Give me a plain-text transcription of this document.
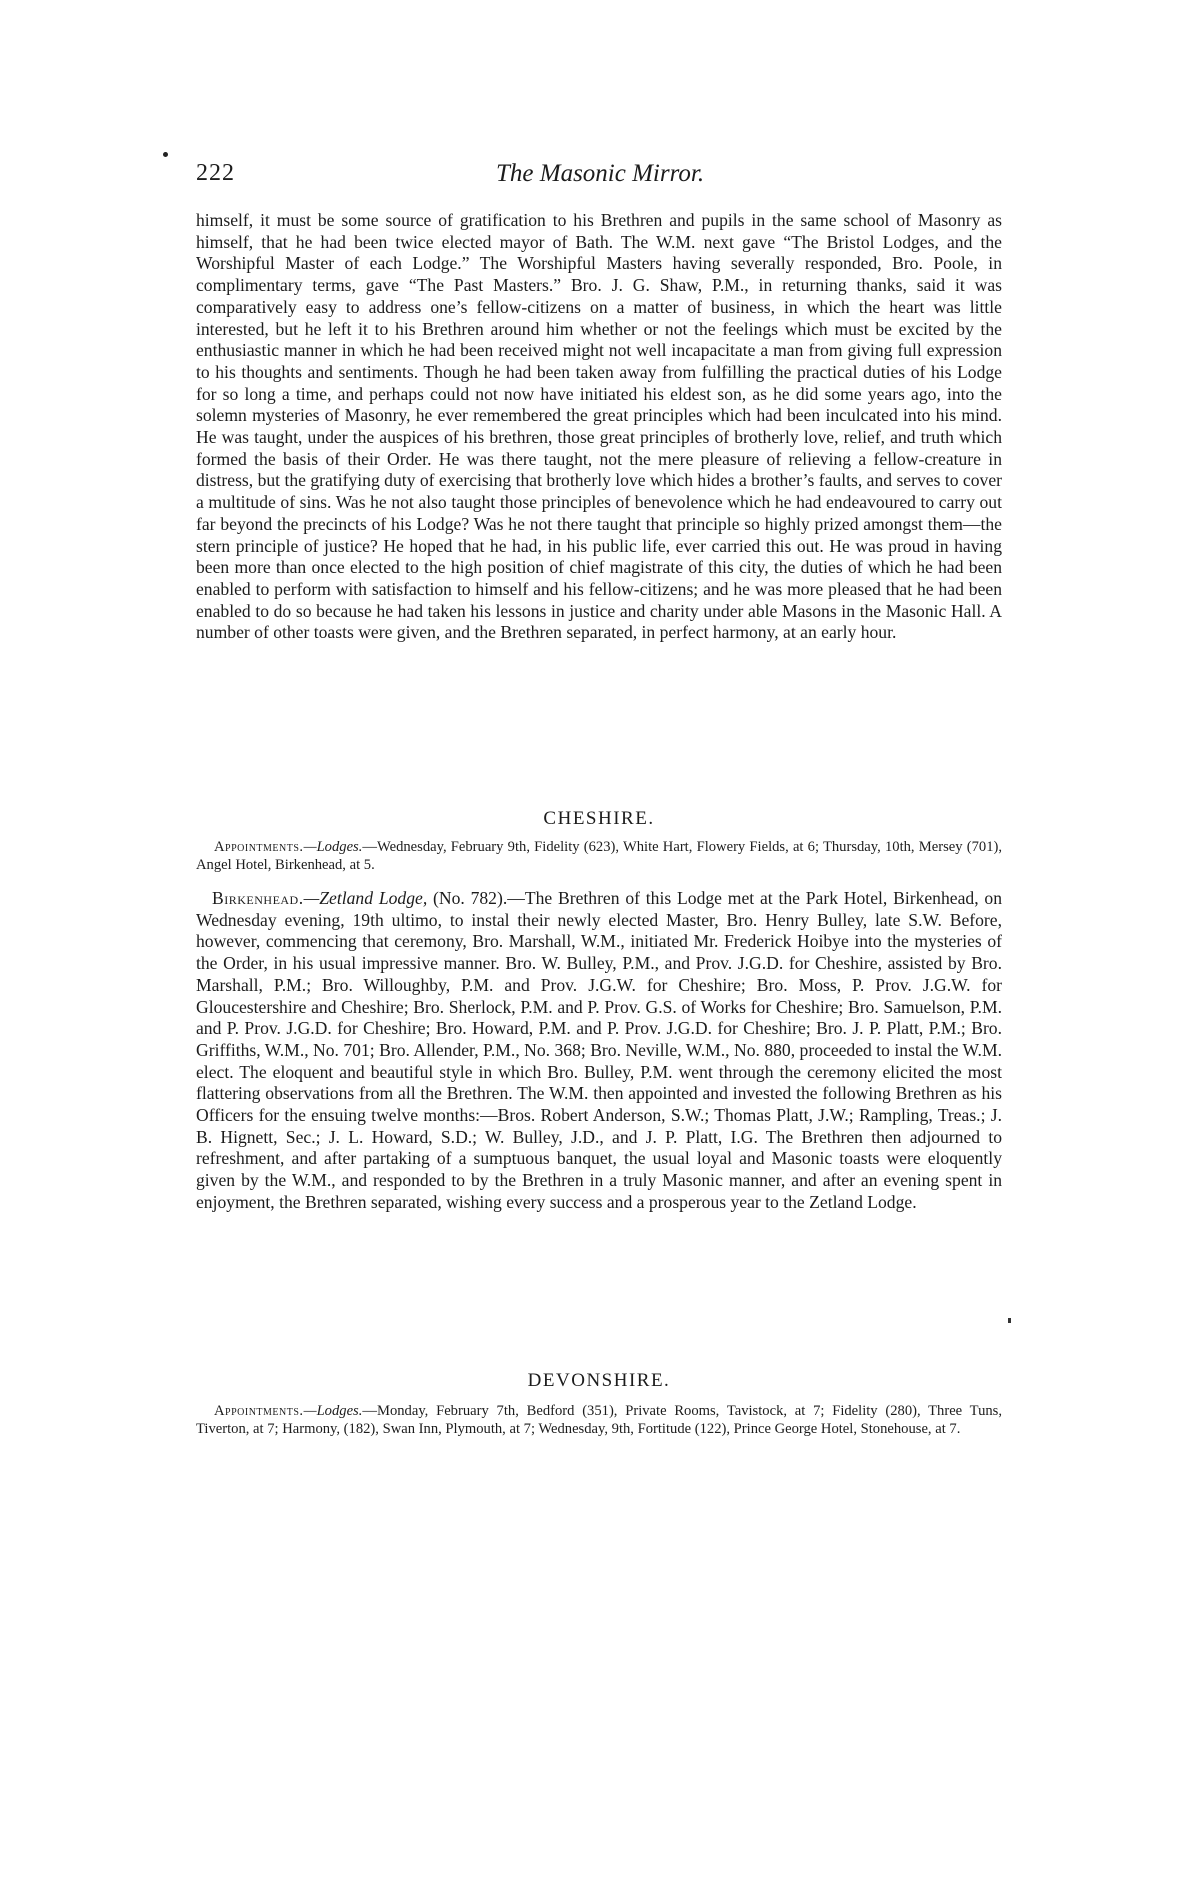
222	The Masonic Mirror.

himself, it must be some source of gratification to his Brethren and pupils in the same school of Masonry as himself, that he had been twice elected mayor of Bath. The W.M. next gave “The Bristol Lodges, and the Worshipful Master of each Lodge.” The Worshipful Masters having severally responded, Bro. Poole, in complimentary terms, gave “The Past Masters.” Bro. J. G. Shaw, P.M., in returning thanks, said it was comparatively easy to address one’s fellow-citizens on a matter of business, in which the heart was little interested, but he left it to his Brethren around him whether or not the feelings which must be excited by the enthusiastic manner in which he had been received might not well incapacitate a man from giving full expression to his thoughts and sentiments. Though he had been taken away from fulfilling the practical duties of his Lodge for so long a time, and perhaps could not now have initiated his eldest son, as he did some years ago, into the solemn mysteries of Masonry, he ever remembered the great principles which had been inculcated into his mind. He was taught, under the auspices of his brethren, those great principles of brotherly love, relief, and truth which formed the basis of their Order. He was there taught, not the mere pleasure of relieving a fellow-creature in distress, but the gratifying duty of exercising that brotherly love which hides a brother’s faults, and serves to cover a multitude of sins. Was he not also taught those principles of benevolence which he had endeavoured to carry out far beyond the precincts of his Lodge? Was he not there taught that principle so highly prized amongst them—the stern principle of justice? He hoped that he had, in his public life, ever carried this out. He was proud in having been more than once elected to the high position of chief magistrate of this city, the duties of which he had been enabled to perform with satisfaction to himself and his fellow-citizens; and he was more pleased that he had been enabled to do so because he had taken his lessons in justice and charity under able Masons in the Masonic Hall. A number of other toasts were given, and the Brethren separated, in perfect harmony, at an early hour.

CHESHIRE.

Appointments.—Lodges.—Wednesday, February 9th, Fidelity (623), White Hart, Flowery Fields, at 6; Thursday, 10th, Mersey (701), Angel Hotel, Birkenhead, at 5.

Birkenhead.—Zetland Lodge, (No. 782).—The Brethren of this Lodge met at the Park Hotel, Birkenhead, on Wednesday evening, 19th ultimo, to instal their newly elected Master, Bro. Henry Bulley, late S.W. Before, however, commencing that ceremony, Bro. Marshall, W.M., initiated Mr. Frederick Hoibye into the mysteries of the Order, in his usual impressive manner. Bro. W. Bulley, P.M., and Prov. J.G.D. for Cheshire, assisted by Bro. Marshall, P.M.; Bro. Willoughby, P.M. and Prov. J.G.W. for Cheshire; Bro. Moss, P. Prov. J.G.W. for Gloucestershire and Cheshire; Bro. Sherlock, P.M. and P. Prov. G.S. of Works for Cheshire; Bro. Samuelson, P.M. and P. Prov. J.G.D. for Cheshire; Bro. Howard, P.M. and P. Prov. J.G.D. for Cheshire; Bro. J. P. Platt, P.M.; Bro. Griffiths, W.M., No. 701; Bro. Allender, P.M., No. 368; Bro. Neville, W.M., No. 880, proceeded to instal the W.M. elect. The eloquent and beautiful style in which Bro. Bulley, P.M. went through the ceremony elicited the most flattering observations from all the Brethren. The W.M. then appointed and invested the following Brethren as his Officers for the ensuing twelve months:—Bros. Robert Anderson, S.W.; Thomas Platt, J.W.; Rampling, Treas.; J. B. Hignett, Sec.; J. L. Howard, S.D.; W. Bulley, J.D., and J. P. Platt, I.G. The Brethren then adjourned to refreshment, and after partaking of a sumptuous banquet, the usual loyal and Masonic toasts were eloquently given by the W.M., and responded to by the Brethren in a truly Masonic manner, and after an evening spent in enjoyment, the Brethren separated, wishing every success and a prosperous year to the Zetland Lodge.

DEVONSHIRE.

Appointments.—Lodges.—Monday, February 7th, Bedford (351), Private Rooms, Tavistock, at 7; Fidelity (280), Three Tuns, Tiverton, at 7; Harmony, (182), Swan Inn, Plymouth, at 7; Wednesday, 9th, Fortitude (122), Prince George Hotel, Stonehouse, at 7.
